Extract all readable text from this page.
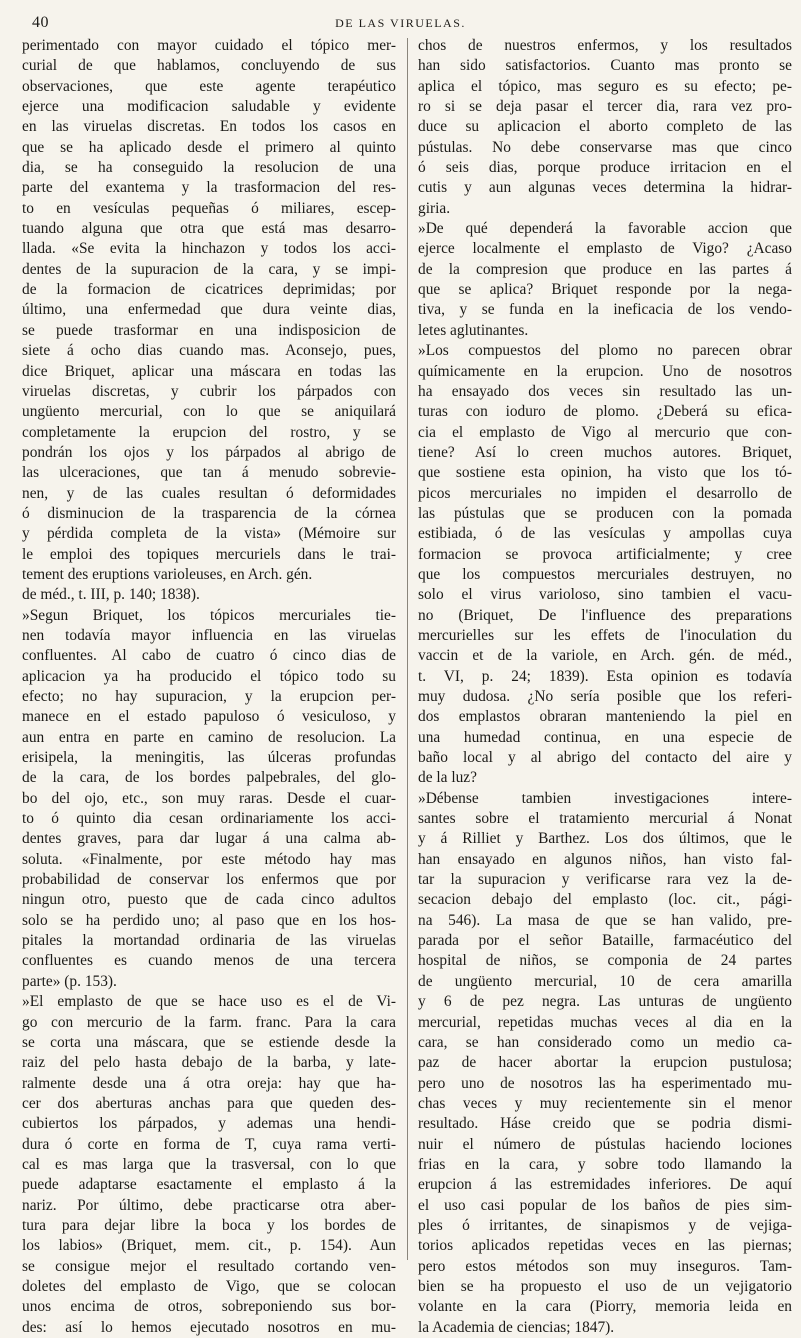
40	DE LAS VIRUELAS.
perimentado con mayor cuidado el tópico mer-
curial de que hablamos, concluyendo de sus
observaciones, que este agente terapéutico
ejerce una modificacion saludable y evidente
en las viruelas discretas. En todos los casos en
que se ha aplicado desde el primero al quinto
dia, se ha conseguido la resolucion de una
parte del exantema y la trasformacion del res-
to en vesículas pequeñas ó miliares, escep-
tuando alguna que otra que está mas desarro-
llada. «Se evita la hinchazon y todos los acci-
dentes de la supuracion de la cara, y se impi-
de la formacion de cicatrices deprimidas; por
último, una enfermedad que dura veinte dias,
se puede trasformar en una indisposicion de
siete á ocho dias cuando mas. Aconsejo, pues,
dice Briquet, aplicar una máscara en todas las
viruelas discretas, y cubrir los párpados con
ungüento mercurial, con lo que se aniquilará
completamente la erupcion del rostro, y se
pondrán los ojos y los párpados al abrigo de
las ulceraciones, que tan á menudo sobrevie-
nen, y de las cuales resultan ó deformidades
ó disminucion de la trasparencia de la córnea
y pérdida completa de la vista» (Mémoire sur
le emploi des topiques mercuriels dans le trai-
tement des eruptions varioleuses, en Arch. gén.
de méd., t. III, p. 140; 1838).
»Segun Briquet, los tópicos mercuriales tie-
nen todavía mayor influencia en las viruelas
confluentes. Al cabo de cuatro ó cinco dias de
aplicacion ya ha producido el tópico todo su
efecto; no hay supuracion, y la erupcion per-
manece en el estado papuloso ó vesiculoso, y
aun entra en parte en camino de resolucion. La
erisipela, la meningitis, las úlceras profundas
de la cara, de los bordes palpebrales, del glo-
bo del ojo, etc., son muy raras. Desde el cuar-
to ó quinto dia cesan ordinariamente los acci-
dentes graves, para dar lugar á una calma ab-
soluta. «Finalmente, por este método hay mas
probabilidad de conservar los enfermos que por
ningun otro, puesto que de cada cinco adultos
solo se ha perdido uno; al paso que en los hos-
pitales la mortandad ordinaria de las viruelas
confluentes es cuando menos de una tercera
parte» (p. 153).
»El emplasto de que se hace uso es el de Vi-
go con mercurio de la farm. franc. Para la cara
se corta una máscara, que se estiende desde la
raiz del pelo hasta debajo de la barba, y late-
ralmente desde una á otra oreja: hay que ha-
cer dos aberturas anchas para que queden des-
cubiertos los párpados, y ademas una hendi-
dura ó corte en forma de T, cuya rama verti-
cal es mas larga que la trasversal, con lo que
puede adaptarse esactamente el emplasto á la
nariz. Por último, debe practicarse otra aber-
tura para dejar libre la boca y los bordes de
los labios» (Briquet, mem. cit., p. 154). Aun
se consigue mejor el resultado cortando ven-
doletes del emplasto de Vigo, que se colocan
unos encima de otros, sobreponiendo sus bor-
des: así lo hemos ejecutado nosotros en mu-
chos de nuestros enfermos, y los resultados
han sido satisfactorios. Cuanto mas pronto se
aplica el tópico, mas seguro es su efecto; pe-
ro si se deja pasar el tercer dia, rara vez pro-
duce su aplicacion el aborto completo de las
pústulas. No debe conservarse mas que cinco
ó seis dias, porque produce irritacion en el
cutis y aun algunas veces determina la hidrar-
giria.
»De qué dependerá la favorable accion que
ejerce localmente el emplasto de Vigo? ¿Acaso
de la compresion que produce en las partes á
que se aplica? Briquet responde por la nega-
tiva, y se funda en la ineficacia de los vendo-
letes aglutinantes.
»Los compuestos del plomo no parecen obrar
químicamente en la erupcion. Uno de nosotros
ha ensayado dos veces sin resultado las un-
turas con ioduro de plomo. ¿Deberá su efica-
cia el emplasto de Vigo al mercurio que con-
tiene? Así lo creen muchos autores. Briquet,
que sostiene esta opinion, ha visto que los tó-
picos mercuriales no impiden el desarrollo de
las pústulas que se producen con la pomada
estibiada, ó de las vesículas y ampollas cuya
formacion se provoca artificialmente; y cree
que los compuestos mercuriales destruyen, no
solo el virus varioloso, sino tambien el vacu-
no (Briquet, De l'influence des preparations
mercurielles sur les effets de l'inoculation du
vaccin et de la variole, en Arch. gén. de méd.,
t. VI, p. 24; 1839). Esta opinion es todavía
muy dudosa. ¿No sería posible que los referi-
dos emplastos obraran manteniendo la piel en
una humedad continua, en una especie de
baño local y al abrigo del contacto del aire y
de la luz?
»Débense tambien investigaciones intere-
santes sobre el tratamiento mercurial á Nonat
y á Rilliet y Barthez. Los dos últimos, que le
han ensayado en algunos niños, han visto fal-
tar la supuracion y verificarse rara vez la de-
secacion debajo del emplasto (loc. cit., pági-
na 546). La masa de que se han valido, pre-
parada por el señor Bataille, farmacéutico del
hospital de niños, se componia de 24 partes
de ungüento mercurial, 10 de cera amarilla
y 6 de pez negra. Las unturas de ungüento
mercurial, repetidas muchas veces al dia en la
cara, se han considerado como un medio ca-
paz de hacer abortar la erupcion pustulosa;
pero uno de nosotros las ha esperimentado mu-
chas veces y muy recientemente sin el menor
resultado. Háse creido que se podria dismi-
nuir el número de pústulas haciendo lociones
frias en la cara, y sobre todo llamando la
erupcion á las estremidades inferiores. De aquí
el uso casi popular de los baños de pies sim-
ples ó irritantes, de sinapismos y de vejiga-
torios aplicados repetidas veces en las piernas;
pero estos métodos son muy inseguros. Tam-
bien se ha propuesto el uso de un vejigatorio
volante en la cara (Piorry, memoria leida en
la Academia de ciencias; 1847).
